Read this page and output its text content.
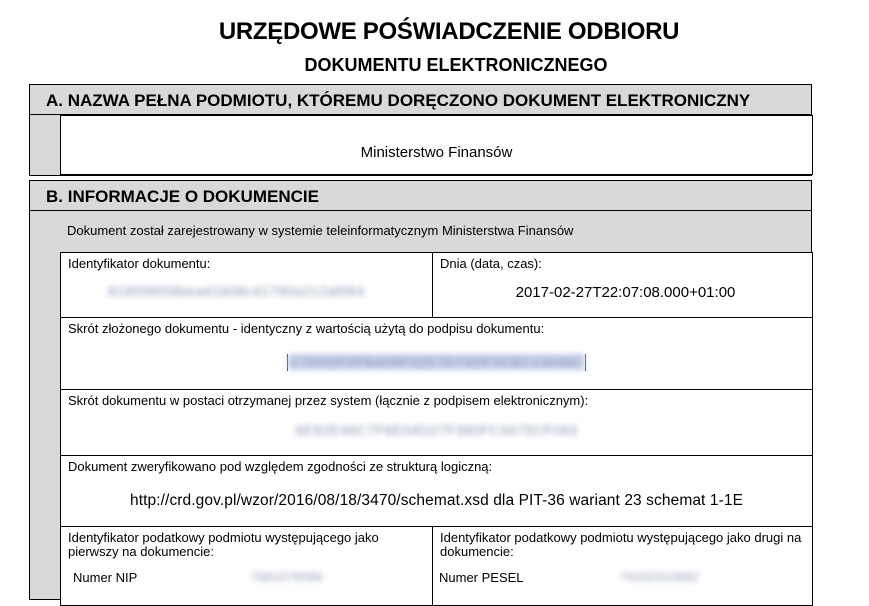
URZĘDOWE POŚWIADCZENIE ODBIORU
DOKUMENTU ELEKTRONICZNEGO
A. NAZWA PEŁNA PODMIOTU, KTÓREMU DORĘCZONO DOKUMENT ELEKTRONICZNY
Ministerstwo Finansów
B. INFORMACJE O DOKUMENCIE
Dokument został zarejestrowany w systemie teleinformatycznym Ministerstwa Finansów
Identyfikator dokumentu:
8165f9058bea41b08c41790a212af064
Dnia (data, czas):
2017-02-27T22:07:08.000+01:00
Skrót złożonego dokumentu - identyczny z wartością użytą do podpisu dokumentu:
C7D0DF0FB4D8F52E7D74DF3CBC13048C
Skrót dokumentu w postaci otrzymanej przez system (łącznie z podpisem elektronicznym):
6E92E46C7F6E04D27F380FC3475CF083
Dokument zweryfikowano pod względem zgodności ze strukturą logiczną:
http://crd.gov.pl/wzor/2016/08/18/3470/schemat.xsd dla PIT-36 wariant 23 schemat 1-1E
Identyfikator podatkowy podmiotu występującego jako pierwszy na dokumencie:
Numer NIP	7681076096
Identyfikator podatkowy podmiotu występującego jako drugi na dokumencie:
Numer PESEL	74102310882
